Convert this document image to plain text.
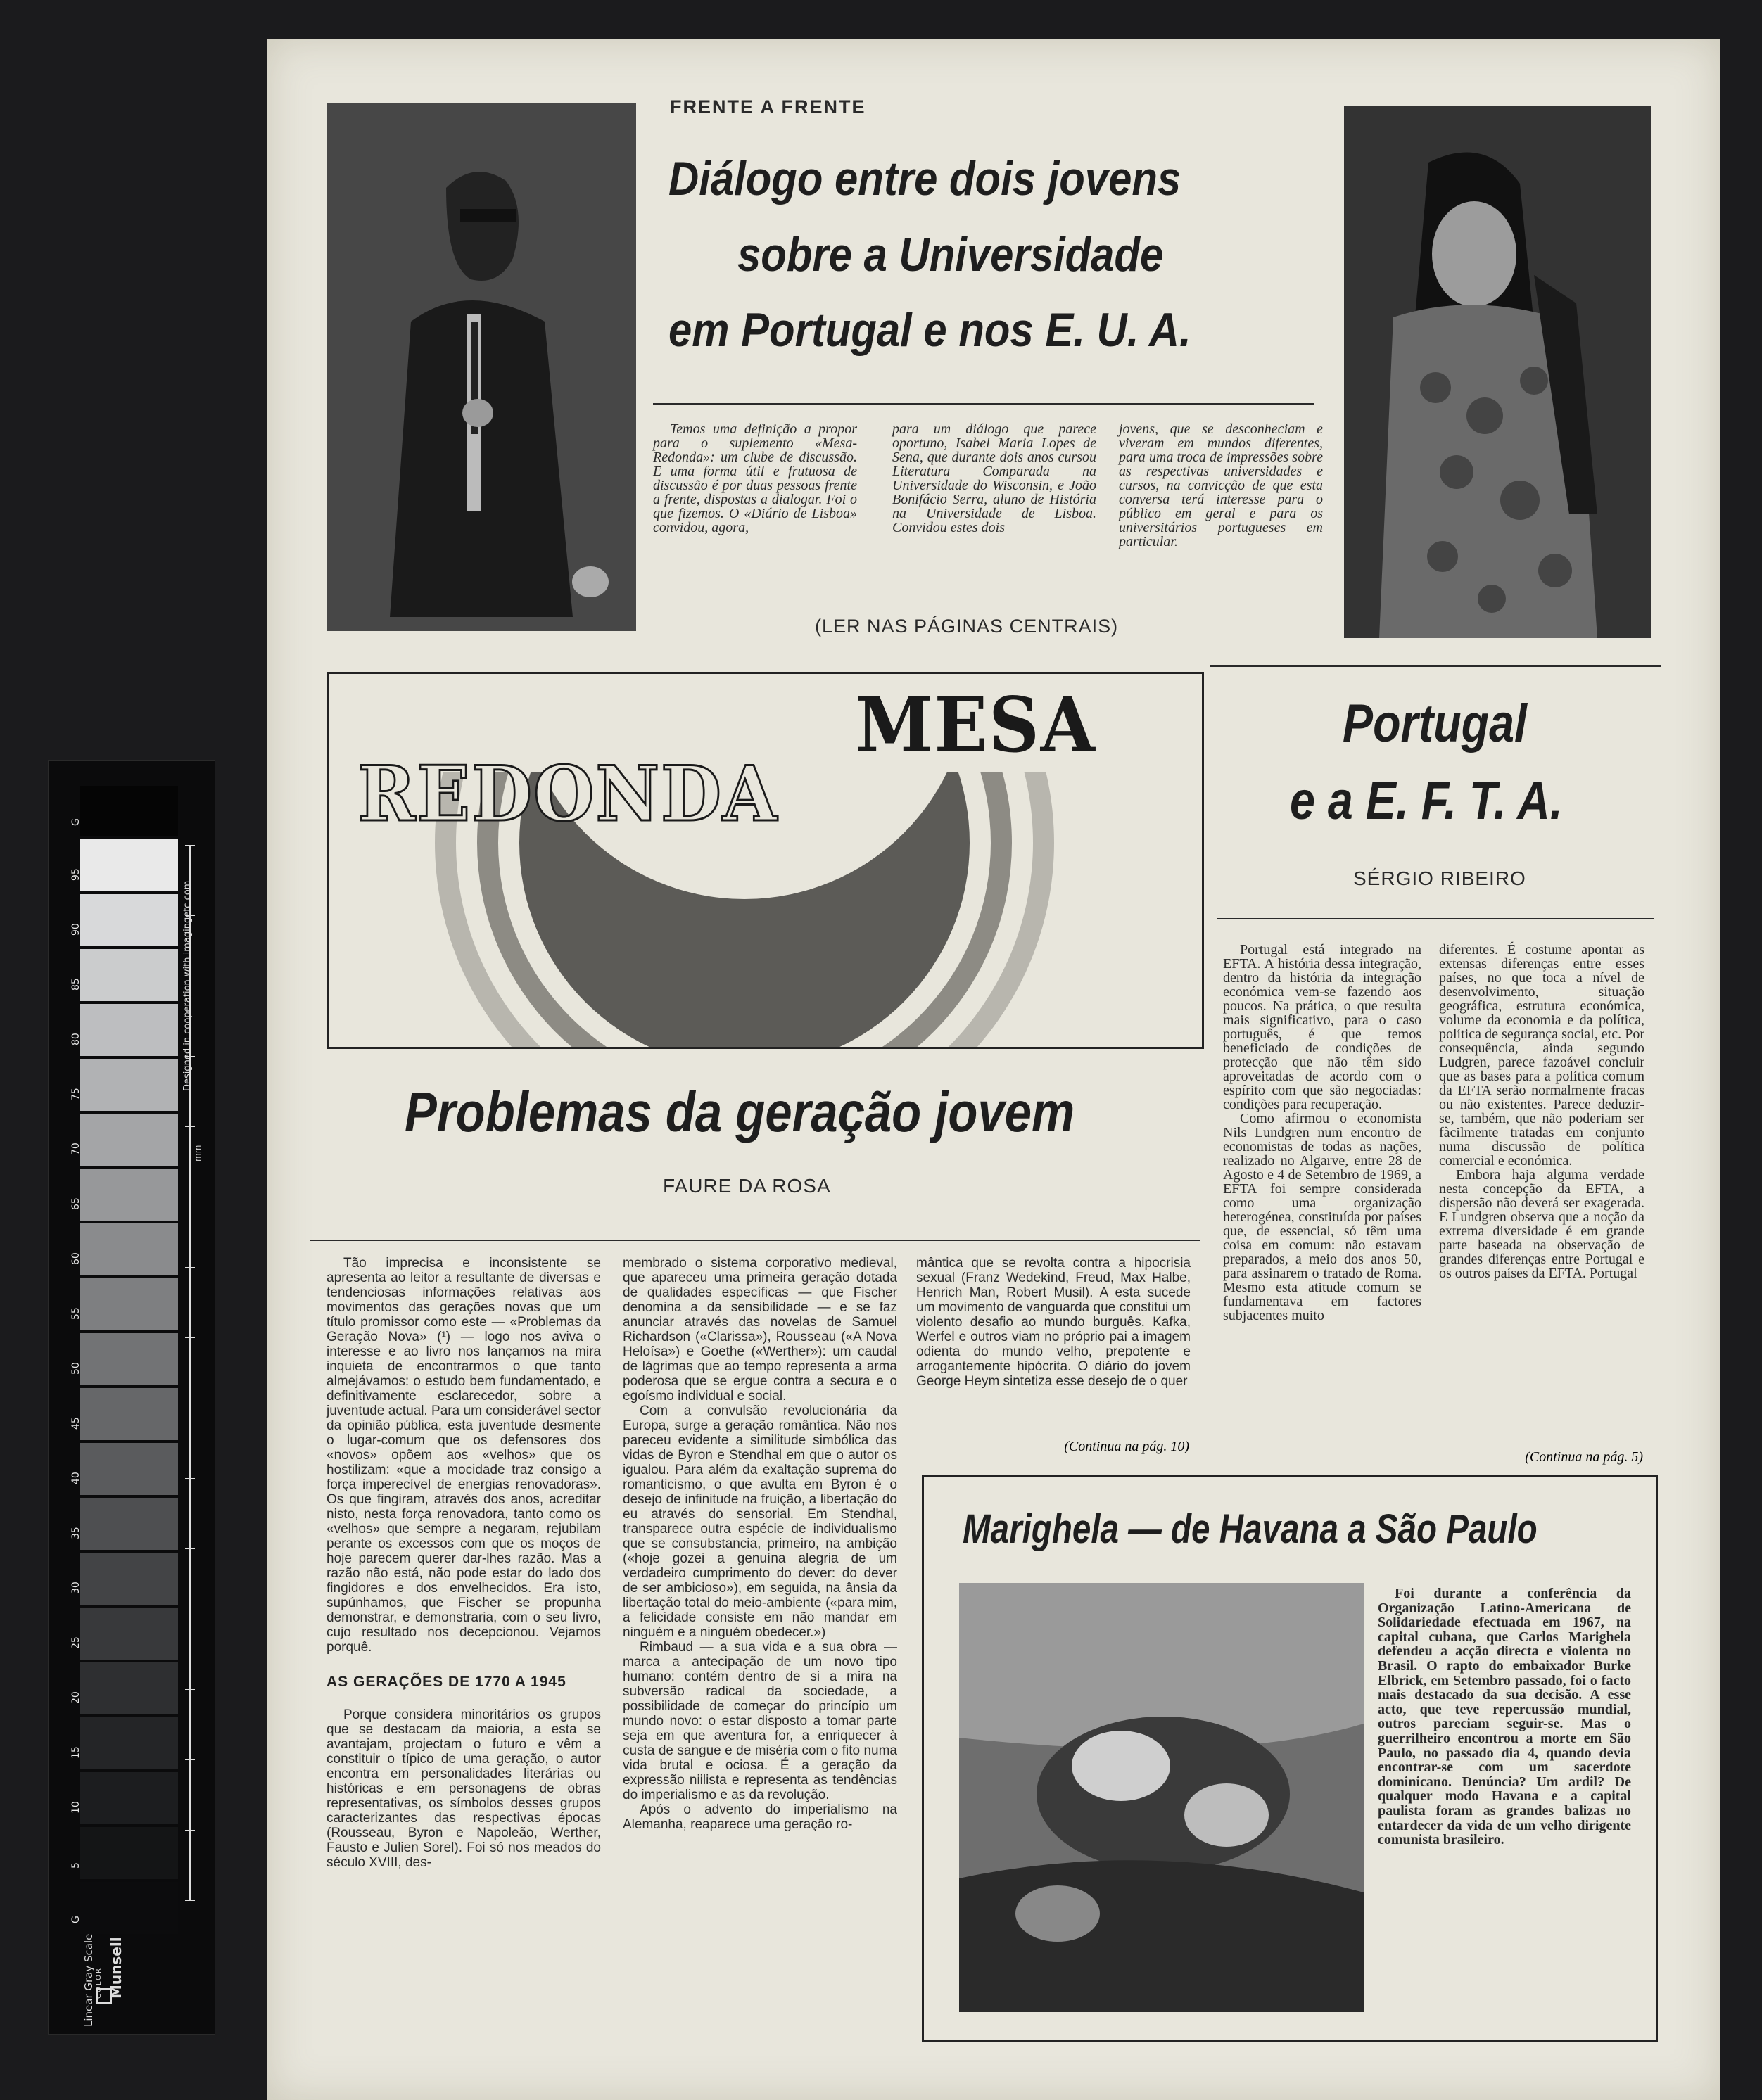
G
95
90
85
80
75
70
65
60
55
50
45
40
35
30
25
20
15
10
5
G
Designed in cooperation with imagingetc.com
mm
Linear Gray Scale Munsell
COLOR
FRENTE A FRENTE
Diálogo entre dois jovens
sobre a Universidade
em Portugal e nos E. U. A.

Temos uma definição a propor para o suplemento «Mesa-Redonda»: um clube de discussão. E uma forma útil e frutuosa de discussão é por duas pessoas frente a frente, dispostas a dialogar. Foi o que fizemos. O «Diário de Lisboa» convidou, agora,

para um diálogo que parece oportuno, Isabel Maria Lopes de Sena, que durante dois anos cursou Literatura Comparada na Universidade do Wisconsin, e João Bonifácio Serra, aluno de História na Universidade de Lisboa. Convidou estes dois

jovens, que se desconheciam e viveram em mundos diferentes, para uma troca de impressões sobre as respectivas universidades e cursos, na convicção de que esta conversa terá interesse para o público em geral e para os universitários portugueses em particular.

(LER NAS PÁGINAS CENTRAIS)
MESA
REDONDA
Portugal
e a E. F. T. A.
SÉRGIO RIBEIRO

Portugal está integrado na EFTA. A história dessa integração, dentro da história da integração económica vem-se fazendo aos poucos. Na prática, o que resulta mais significativo, para o caso português, é que temos beneficiado de condições de protecção que não têm sido aproveitadas de acordo com o espírito com que são negociadas: condições para recuperação.

Como afirmou o economista Nils Lundgren num encontro de economistas de todas as nações, realizado no Algarve, entre 28 de Agosto e 4 de Setembro de 1969, a EFTA foi sempre considerada como uma organização heterogénea, constituída por países que, de essencial, só têm uma coisa em comum: não estavam preparados, a meio dos anos 50, para assinarem o tratado de Roma. Mesmo esta atitude comum se fundamentava em factores subjacentes muito

diferentes. É costume apontar as extensas diferenças entre esses países, no que toca a nível de desenvolvimento, situação geográfica, estrutura económica, volume da economia e da política, política de segurança social, etc. Por consequência, ainda segundo Ludgren, parece fazoável concluir que as bases para a política comum da EFTA serão normalmente fracas ou não existentes. Parece deduzir-se, também, que não poderiam ser fàcilmente tratadas em conjunto numa discussão de política comercial e económica.

Embora haja alguma verdade nesta concepção da EFTA, a dispersão não deverá ser exagerada. E Lundgren observa que a noção da extrema diversidade é em grande parte baseada na observação de grandes diferenças entre Portugal e os outros países da EFTA. Portugal

(Continua na pág. 5)
Problemas da geração jovem
FAURE DA ROSA

Tão imprecisa e inconsistente se apresenta ao leitor a resultante de diversas e tendenciosas informações relativas aos movimentos das gerações novas que um título promissor como este — «Problemas da Geração Nova» (¹) — logo nos aviva o interesse e ao livro nos lançamos na mira inquieta de encontrarmos o que tanto almejávamos: o estudo bem fundamentado, e definitivamente esclarecedor, sobre a juventude actual. Para um considerável sector da opinião pública, esta juventude desmente o lugar-comum que os defensores dos «novos» opõem aos «velhos» que os hostilizam: «que a mocidade traz consigo a força imperecível de energias renovadoras». Os que fingiram, através dos anos, acreditar nisto, nesta força renovadora, tanto como os «velhos» que sempre a negaram, rejubilam perante os excessos com que os moços de hoje parecem querer dar-lhes razão. Mas a razão não está, não pode estar do lado dos fingidores e dos envelhecidos. Era isto, supúnhamos, que Fischer se propunha demonstrar, e demonstraria, com o seu livro, cujo resultado nos decepcionou. Vejamos porquê.

AS GERAÇÕES DE 1770 A 1945

Porque considera minoritários os grupos que se destacam da maioria, a esta se avantajam, projectam o futuro e vêm a constituir o típico de uma geração, o autor encontra em personalidades literárias ou históricas e em personagens de obras representativas, os símbolos desses grupos caracterizantes das respectivas épocas (Rousseau, Byron e Napoleão, Werther, Fausto e Julien Sorel). Foi só nos meados do século XVIII, des-

membrado o sistema corporativo medieval, que apareceu uma primeira geração dotada de qualidades específicas — que Fischer denomina a da sensibilidade — e se faz anunciar através das novelas de Samuel Richardson («Clarissa»), Rousseau («A Nova Heloísa») e Goethe («Werther»): um caudal de lágrimas que ao tempo representa a arma poderosa que se ergue contra a secura e o egoísmo individual e social.

Com a convulsão revolucionária da Europa, surge a geração romântica. Não nos pareceu evidente a similitude simbólica das vidas de Byron e Stendhal em que o autor os igualou. Para além da exaltação suprema do romanticismo, o que avulta em Byron é o desejo de infinitude na fruição, a libertação do eu através do sensorial. Em Stendhal, transparece outra espécie de individualismo que se consubstancia, primeiro, na ambição («hoje gozei a genuína alegria de um verdadeiro cumprimento do dever: do dever de ser ambicioso»), em seguida, na ânsia da libertação total do meio-ambiente («para mim, a felicidade consiste em não mandar em ninguém e a ninguém obedecer.»)

Rimbaud — a sua vida e a sua obra — marca a antecipação de um novo tipo humano: contém dentro de si a mira na subversão radical da sociedade, a possibilidade de começar do princípio um mundo novo: o estar disposto a tomar parte seja em que aventura for, a enriquecer à custa de sangue e de miséria com o fito numa vida brutal e ociosa. É a geração da expressão niilista e representa as tendências do imperialismo e as da revolução.

Após o advento do imperialismo na Alemanha, reaparece uma geração ro-

mântica que se revolta contra a hipocrisia sexual (Franz Wedekind, Freud, Max Halbe, Henrich Man, Robert Musil). A esta sucede um movimento de vanguarda que constitui um violento desafio ao mundo burguês. Kafka, Werfel e outros viam no próprio pai a imagem odienta do mundo velho, prepotente e arrogantemente hipócrita. O diário do jovem George Heym sintetiza esse desejo de o quer

(Continua na pág. 10)
Marighela — de Havana a São Paulo

Foi durante a conferência da Organização Latino-Americana de Solidariedade efectuada em 1967, na capital cubana, que Carlos Marighela defendeu a acção directa e violenta no Brasil. O rapto do embaixador Burke Elbrick, em Setembro passado, foi o facto mais destacado da sua decisão. A esse acto, que teve repercussão mundial, outros pareciam seguir-se. Mas o guerrilheiro encontrou a morte em São Paulo, no passado dia 4, quando devia encontrar-se com um sacerdote dominicano. Denúncia? Um ardil? De qualquer modo Havana e a capital paulista foram as grandes balizas no entardecer da vida de um velho dirigente comunista brasileiro.
